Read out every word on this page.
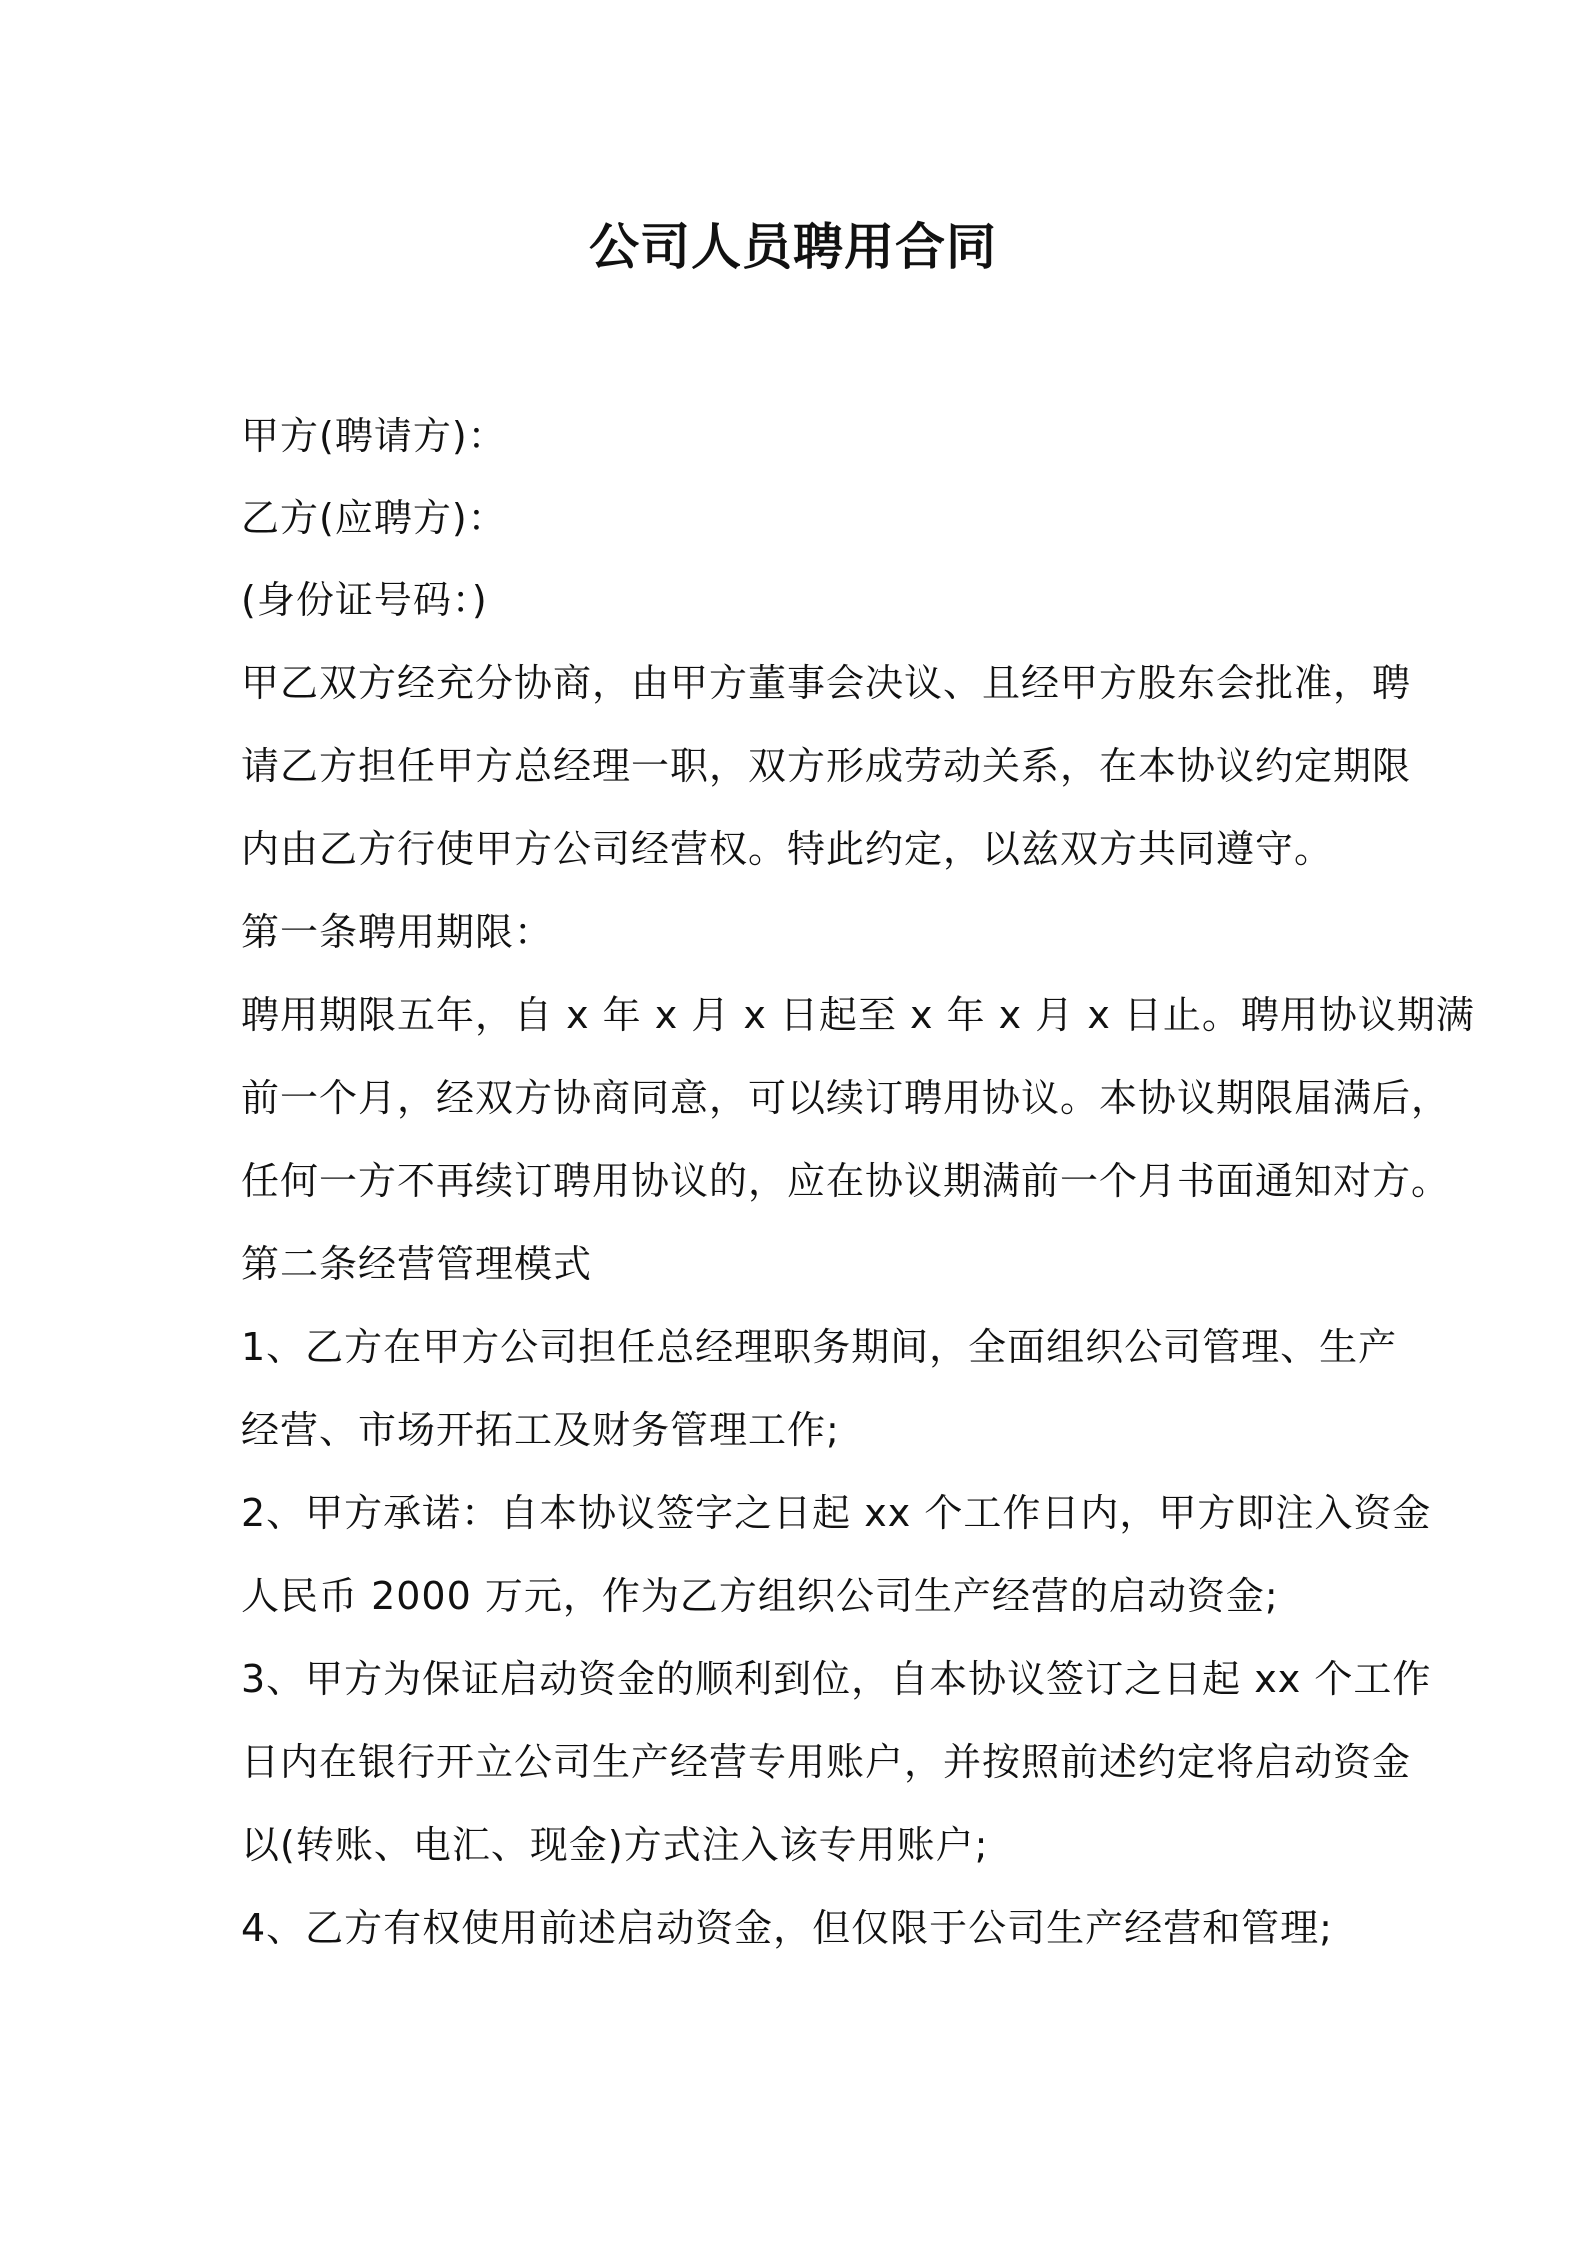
公司人员聘用合同
甲方(聘请方)：
乙方(应聘方)：
(身份证号码：)
甲乙双方经充分协商，由甲方董事会决议、且经甲方股东会批准，聘
请乙方担任甲方总经理一职，双方形成劳动关系，在本协议约定期限
内由乙方行使甲方公司经营权。特此约定，以兹双方共同遵守。
第一条聘用期限：
聘用期限五年，自 x 年 x 月 x 日起至 x 年 x 月 x 日止。聘用协议期满
前一个月，经双方协商同意，可以续订聘用协议。本协议期限届满后，
任何一方不再续订聘用协议的，应在协议期满前一个月书面通知对方。
第二条经营管理模式
1、乙方在甲方公司担任总经理职务期间，全面组织公司管理、生产
经营、市场开拓工及财务管理工作;
2、甲方承诺：自本协议签字之日起 xx 个工作日内，甲方即注入资金
人民币 2000 万元，作为乙方组织公司生产经营的启动资金;
3、甲方为保证启动资金的顺利到位，自本协议签订之日起 xx 个工作
日内在银行开立公司生产经营专用账户，并按照前述约定将启动资金
以(转账、电汇、现金)方式注入该专用账户;
4、乙方有权使用前述启动资金，但仅限于公司生产经营和管理;
